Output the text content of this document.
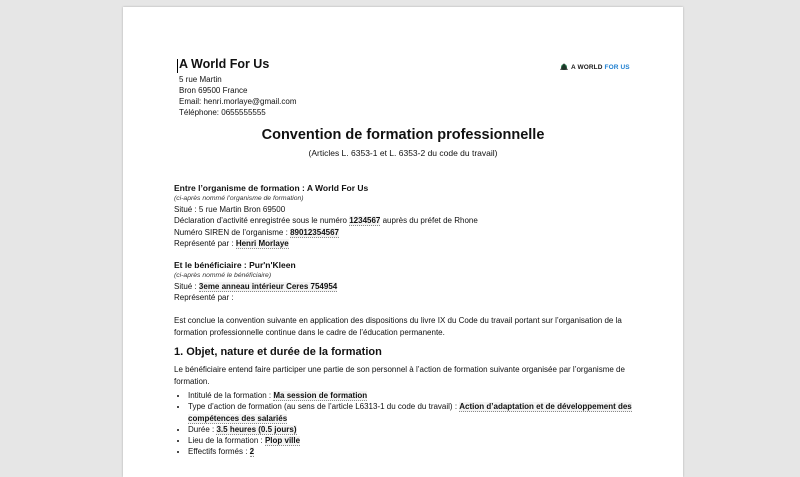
A World For Us
5 rue Martin
Bron 69500 France
Email: henri.morlaye@gmail.com
Téléphone: 0655555555
A WORLD FOR US
Convention de formation professionnelle
(Articles L. 6353-1 et L. 6353-2 du code du travail)
Entre l’organisme de formation : A World For Us
(ci-après nommé l’organisme de formation)
Situé : 5 rue Martin Bron 69500
Déclaration d’activité enregistrée sous le numéro 1234567 auprès du préfet de Rhone
Numéro SIREN de l’organisme : 89012354567
Représenté par : Henri Morlaye
Et le bénéficiaire : Pur'n'Kleen
(ci-après nommé le bénéficiaire)
Situé : 3eme anneau intérieur Ceres 754954
Représenté par :
Est conclue la convention suivante en application des dispositions du livre IX du Code du travail portant sur l’organisation de la formation professionnelle continue dans le cadre de l’éducation permanente.
1. Objet, nature et durée de la formation
Le bénéficiaire entend faire participer une partie de son personnel à l’action de formation suivante organisée par l’organisme de formation.
• Intitulé de la formation : Ma session de formation
• Type d’action de formation (au sens de l’article L6313-1 du code du travail) : Action d’adaptation et de développement des compétences des salariés
• Durée : 3.5 heures (0.5 jours)
• Lieu de la formation : Plop ville
• Effectifs formés : 2
